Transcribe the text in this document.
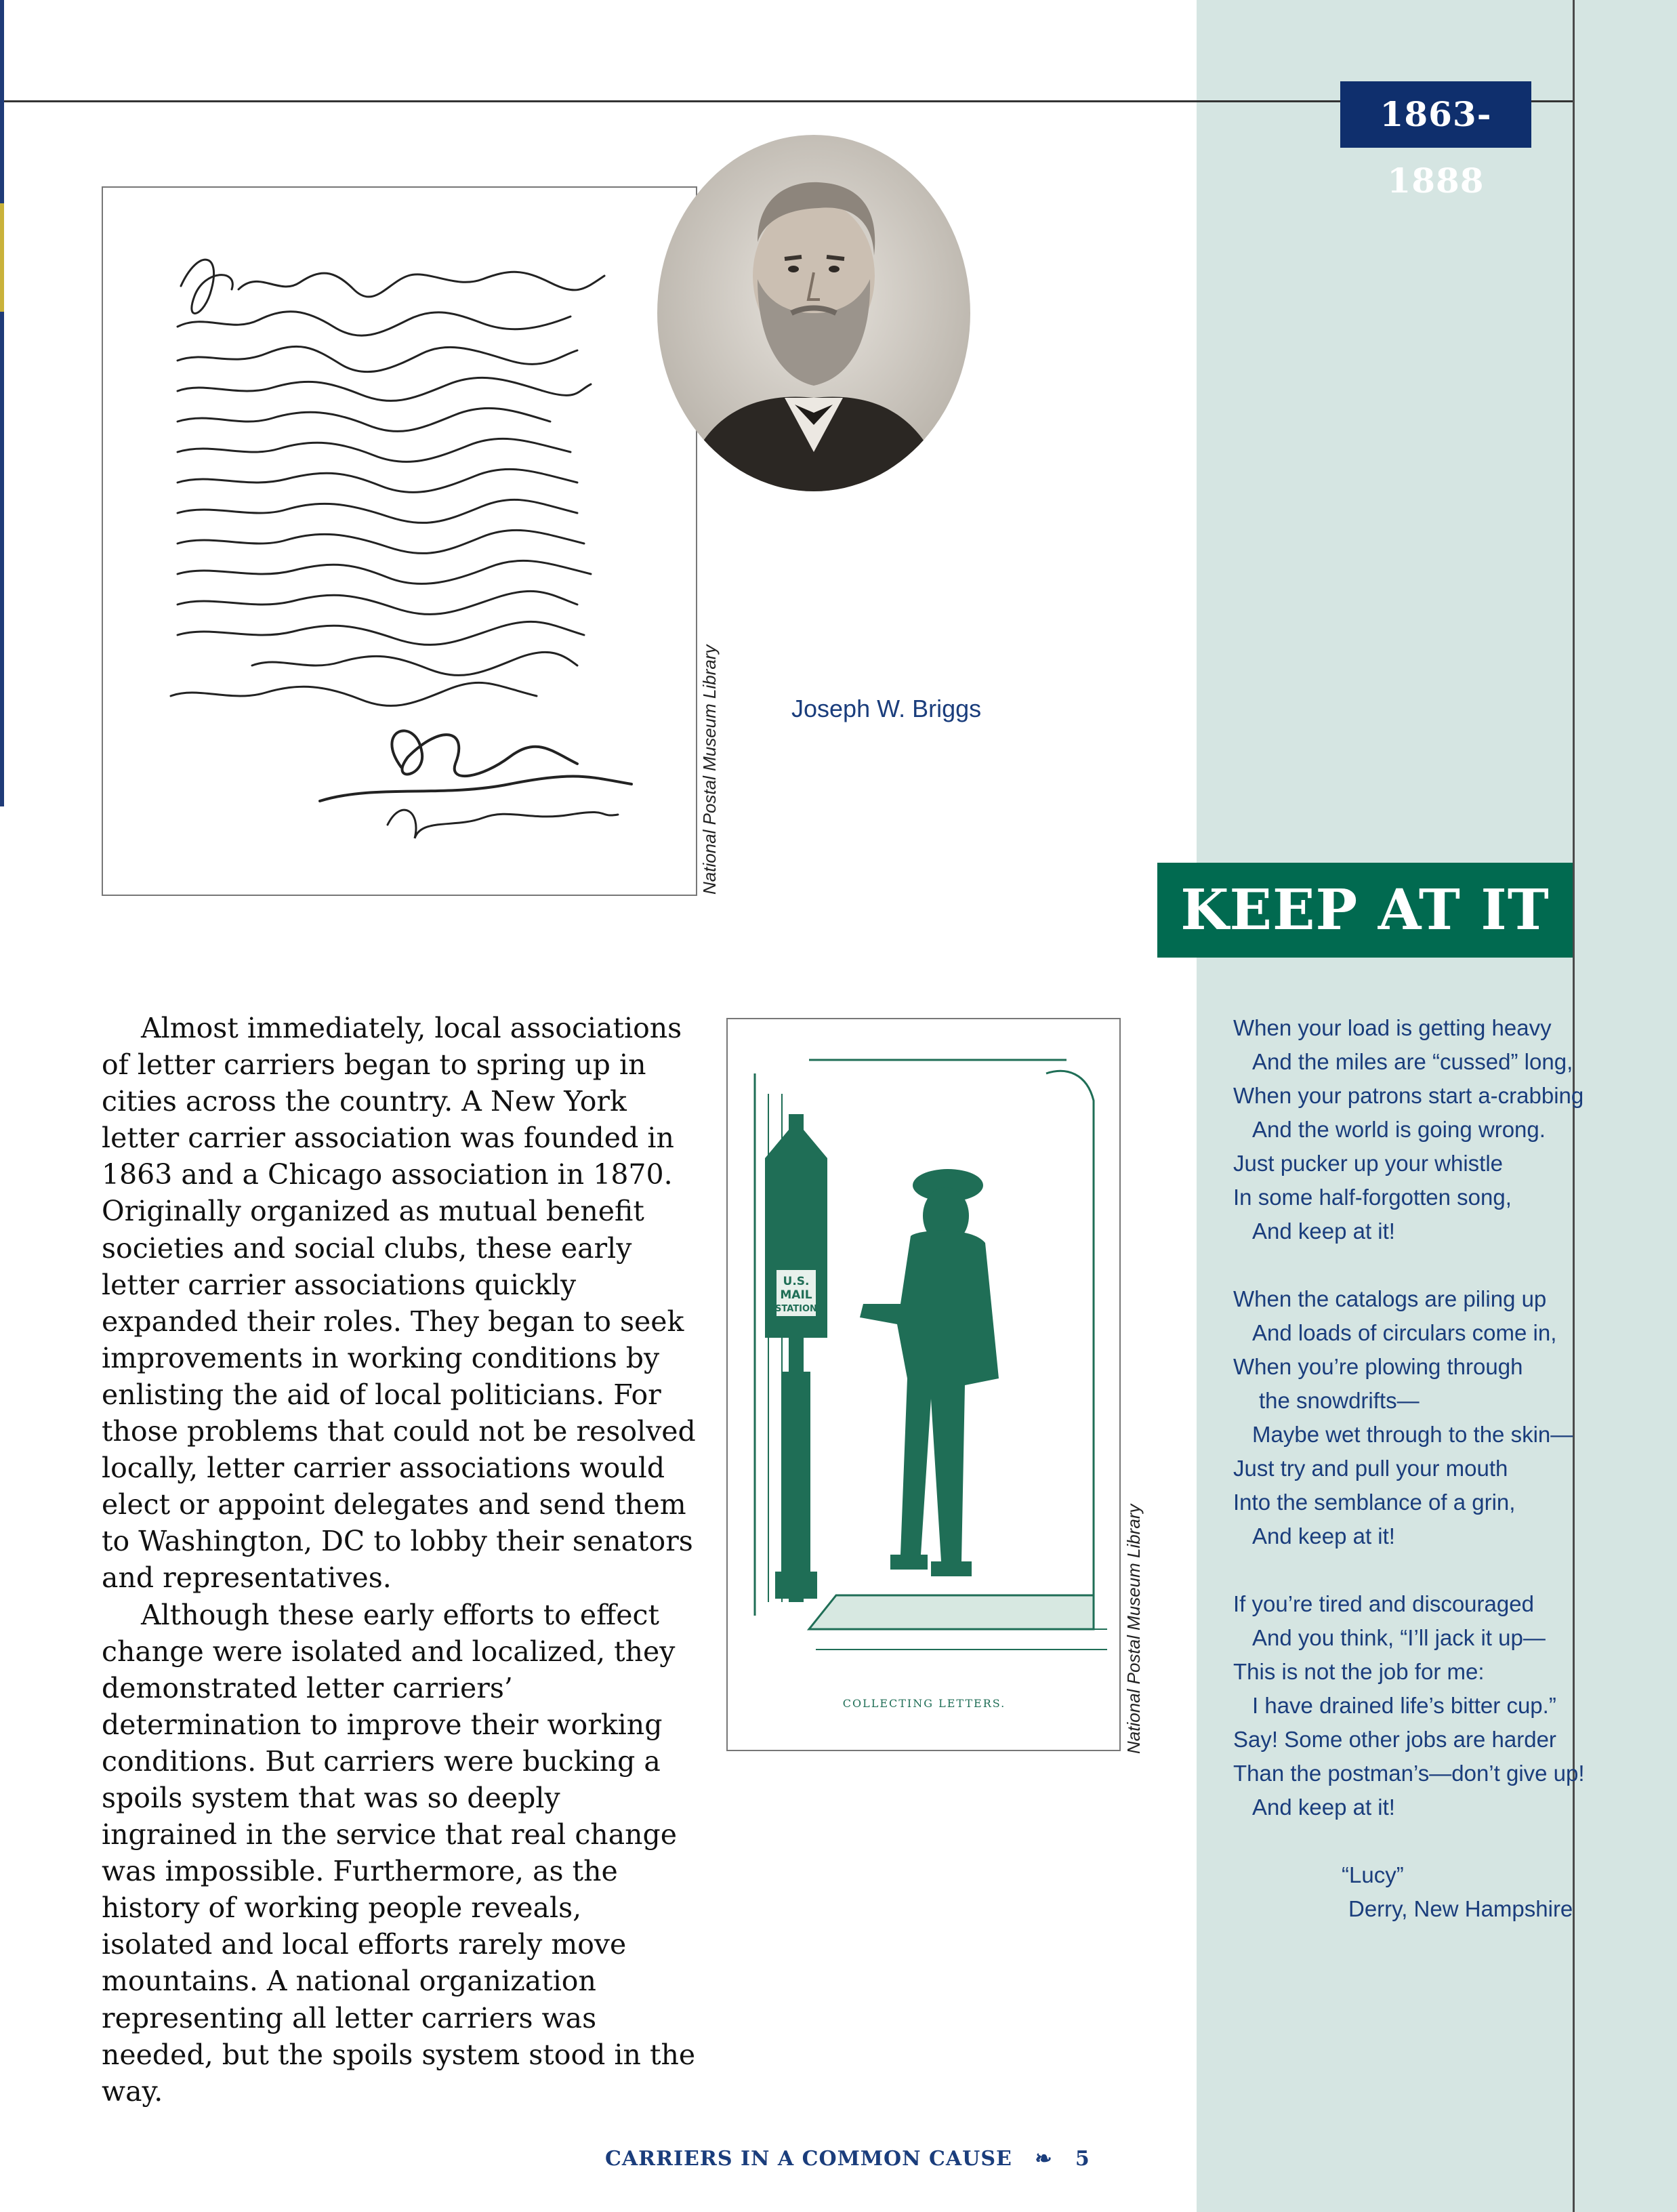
1863-1888
National Postal Museum Library	Joseph W. Briggs
KEEP AT IT

Almost immediately, local associations of letter carriers began to spring up in cities across the country. A New York letter carrier association was founded in 1863 and a Chicago association in 1870. Originally organized as mutual benefit societies and social clubs, these early letter carrier associations quickly expanded their roles. They began to seek improvements in working conditions by enlisting the aid of local politicians. For those problems that could not be resolved locally, letter carrier associations would elect or appoint delegates and send them to Washington, DC to lobby their senators and representatives.

Although these early efforts to effect change were isolated and localized, they demonstrated letter carriers’ determination to improve their working conditions. But carriers were bucking a spoils system that was so deeply ingrained in the service that real change was impossible. Furthermore, as the history of working people reveals, isolated and local efforts rarely move mountains. A national organization representing all letter carriers was needed, but the spoils system stood in the way.

U.S.
MAIL
STATION
COLLECTING LETTERS.	National Postal Museum Library
When your load is getting heavy
And the miles are “cussed” long,
When your patrons start a-crabbing
And the world is going wrong.
Just pucker up your whistle
In some half-forgotten song,
And keep at it!
When the catalogs are piling up
And loads of circulars come in,
When you’re plowing through
the snowdrifts—
Maybe wet through to the skin—
Just try and pull your mouth
Into the semblance of a grin,
And keep at it!
If you’re tired and discouraged
And you think, “I’ll jack it up—
This is not the job for me:
I have drained life’s bitter cup.”
Say! Some other jobs are harder
Than the postman’s—don’t give up!
And keep at it!
“Lucy”
Derry, New Hampshire
CARRIERS IN A COMMON CAUSE ❧ 5
